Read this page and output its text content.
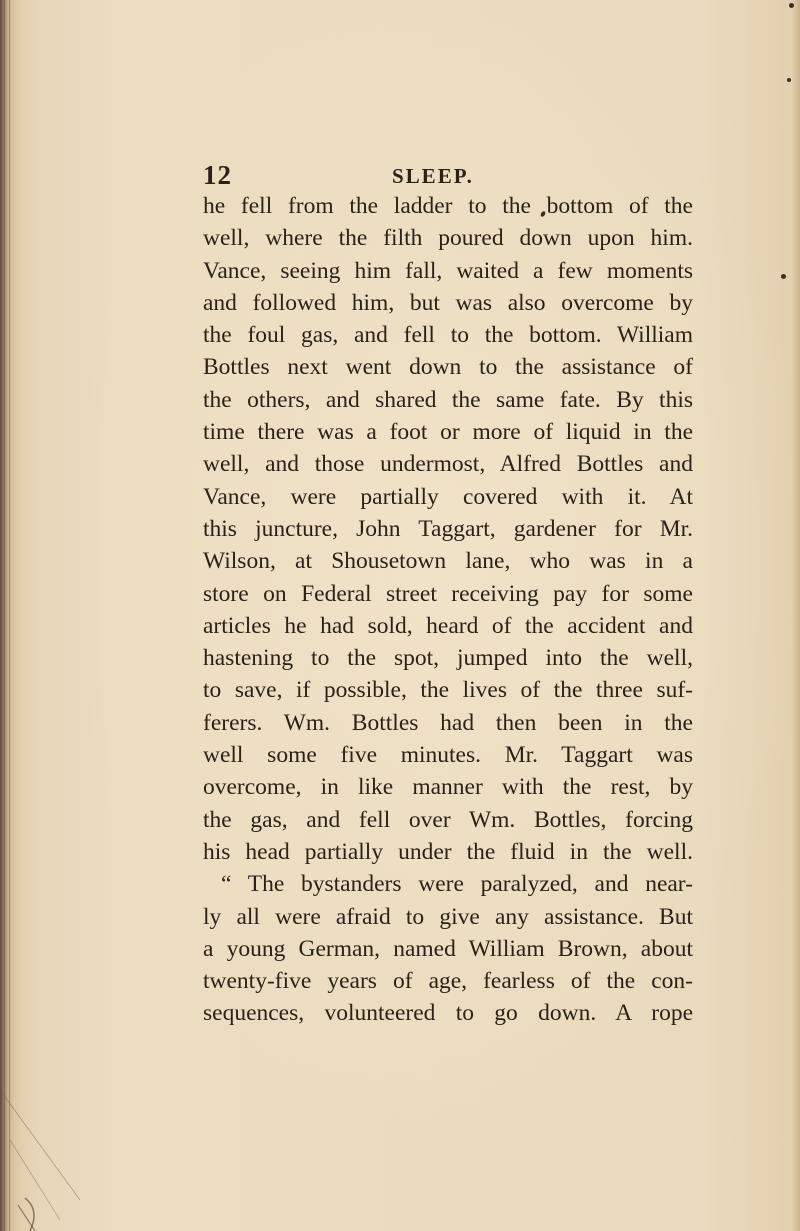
12	SLEEP.
he fell from the ladder to the bottom of the
well, where the filth poured down upon him.
Vance, seeing him fall, waited a few moments
and followed him, but was also overcome by
the foul gas, and fell to the bottom. William
Bottles next went down to the assistance of
the others, and shared the same fate. By this
time there was a foot or more of liquid in the
well, and those undermost, Alfred Bottles and
Vance, were partially covered with it. At
this juncture, John Taggart, gardener for Mr.
Wilson, at Shousetown lane, who was in a
store on Federal street receiving pay for some
articles he had sold, heard of the accident and
hastening to the spot, jumped into the well,
to save, if possible, the lives of the three suf-
ferers. Wm. Bottles had then been in the
well some five minutes. Mr. Taggart was
overcome, in like manner with the rest, by
the gas, and fell over Wm. Bottles, forcing
his head partially under the fluid in the well.
“ The bystanders were paralyzed, and near-
ly all were afraid to give any assistance. But
a young German, named William Brown, about
twenty-five years of age, fearless of the con-
sequences, volunteered to go down. A rope
